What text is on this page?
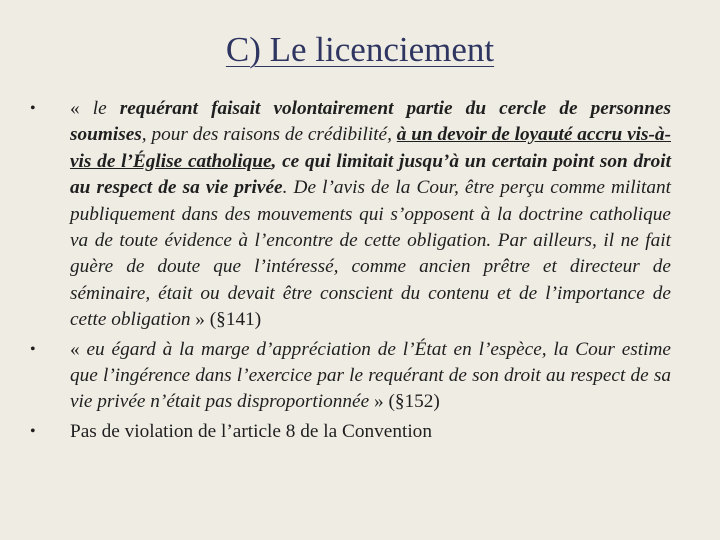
C) Le licenciement
• « le requérant faisait volontairement partie du cercle de personnes soumises, pour des raisons de crédibilité, à un devoir de loyauté accru vis-à-vis de l’Église catholique, ce qui limitait jusqu’à un certain point son droit au respect de sa vie privée. De l’avis de la Cour, être perçu comme militant publiquement dans des mouvements qui s’opposent à la doctrine catholique va de toute évidence à l’encontre de cette obligation. Par ailleurs, il ne fait guère de doute que l’intéressé, comme ancien prêtre et directeur de séminaire, était ou devait être conscient du contenu et de l’importance de cette obligation » (§141)
• « eu égard à la marge d’appréciation de l’État en l’espèce, la Cour estime que l’ingérence dans l’exercice par le requérant de son droit au respect de sa vie privée n’était pas disproportionnée » (§152)
• Pas de violation de l’article 8 de la Convention
